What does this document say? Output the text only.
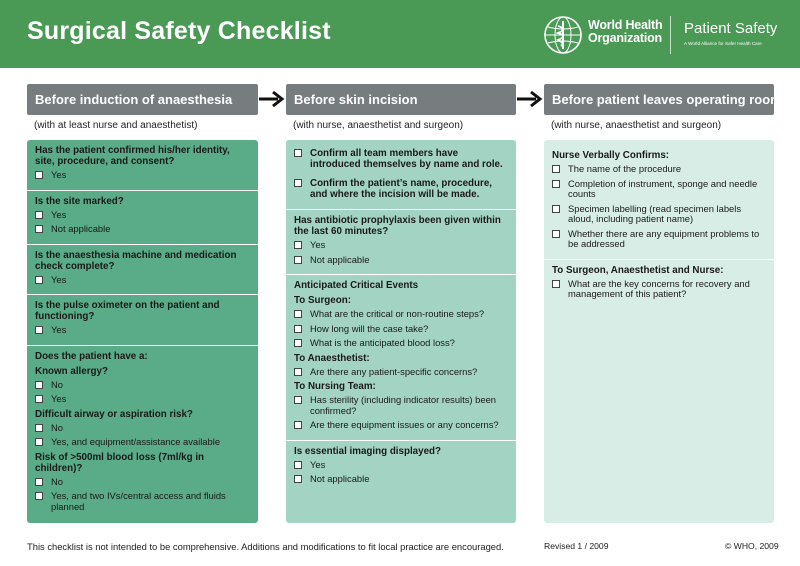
Surgical Safety Checklist	World Health
Organization
Patient Safety
A World Alliance for Safer Health Care
Before induction of anaesthesia	Before skin incision	Before patient leaves operating room
(with at least nurse and anaesthetist)	(with nurse, anaesthetist and surgeon)	(with nurse, anaesthetist and surgeon)
Has the patient confirmed his/her identity, site, procedure, and consent?
Yes
Is the site marked?
Yes
Not applicable
Is the anaesthesia machine and medication check complete?
Yes
Is the pulse oximeter on the patient and functioning?
Yes
Does the patient have a:
Known allergy?
No
Yes
Difficult airway or aspiration risk?
No
Yes, and equipment/assistance available
Risk of >500ml blood loss (7ml/kg in children)?
No
Yes, and two IVs/central access and fluids planned
Confirm all team members have introduced themselves by name and role.
Confirm the patient’s name, procedure, and where the incision will be made.
Has antibiotic prophylaxis been given within the last 60 minutes?
Yes
Not applicable
Anticipated Critical Events
To Surgeon:
What are the critical or non-routine steps?
How long will the case take?
What is the anticipated blood loss?
To Anaesthetist:
Are there any patient-specific concerns?
To Nursing Team:
Has sterility (including indicator results) been confirmed?
Are there equipment issues or any concerns?
Is essential imaging displayed?
Yes
Not applicable
Nurse Verbally Confirms:
The name of the procedure
Completion of instrument, sponge and needle counts
Specimen labelling (read specimen labels aloud, including patient name)
Whether there are any equipment problems to be addressed
To Surgeon, Anaesthetist and Nurse:
What are the key concerns for recovery and management of this patient?
This checklist is not intended to be comprehensive. Additions and modifications to fit local practice are encouraged.	Revised 1 / 2009	© WHO, 2009
